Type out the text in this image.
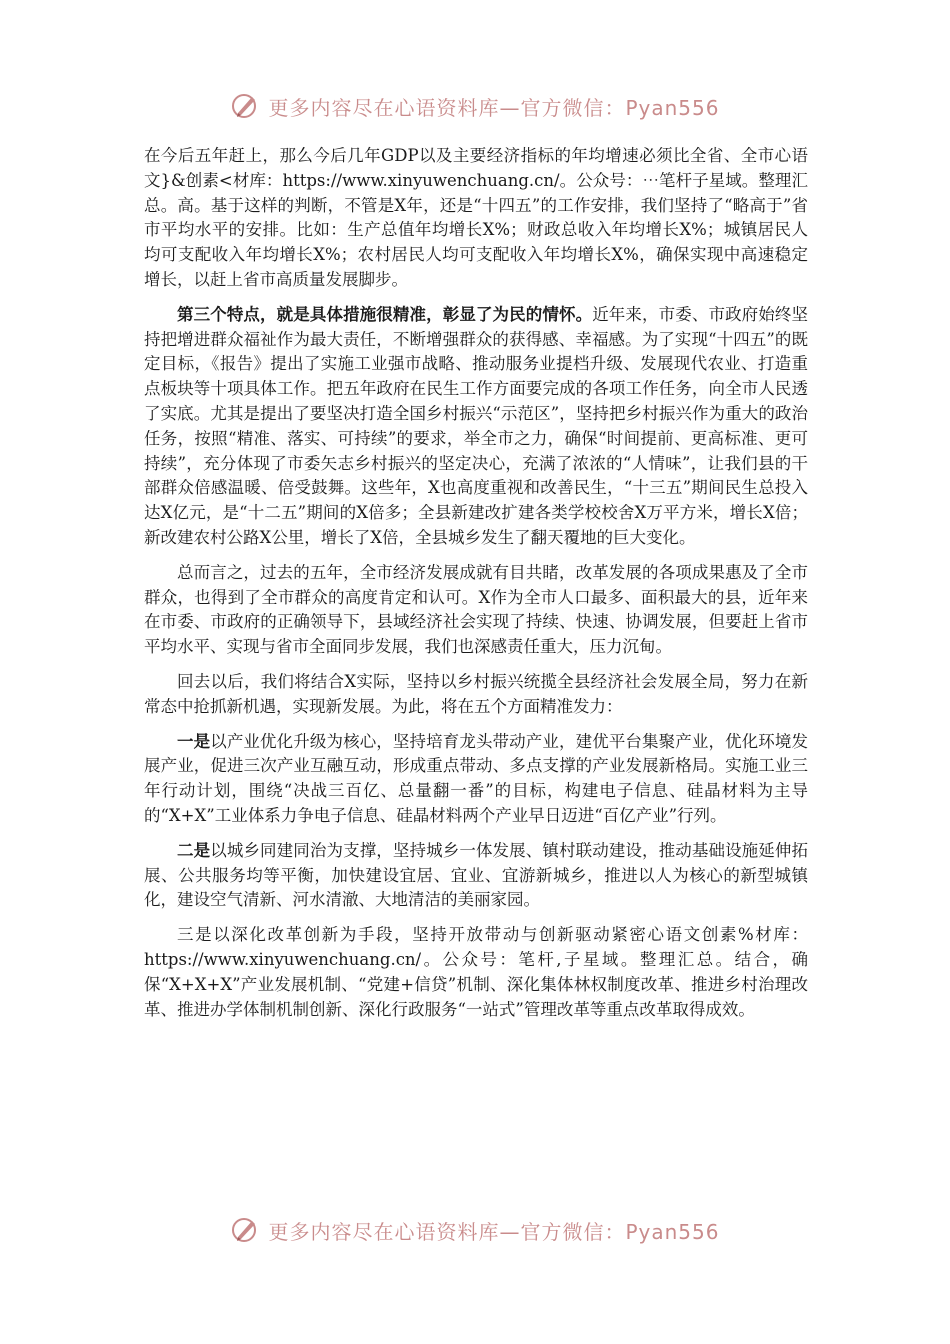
更多内容尽在心语资料库—官方微信：Pyan556

在今后五年赶上，那么今后几年GDP以及主要经济指标的年均增速必须比全省、全市心语文}&创素<材库：https://www.xinyuwenchuang.cn/。公众号：⋯笔杆子星域。整理汇总。高。基于这样的判断，不管是X年，还是“十四五”的工作安排，我们坚持了“略高于”省市平均水平的安排。比如：生产总值年均增长X%；财政总收入年均增长X%；城镇居民人均可支配收入年均增长X%；农村居民人均可支配收入年均增长X%，确保实现中高速稳定增长，以赶上省市高质量发展脚步。

第三个特点，就是具体措施很精准，彰显了为民的情怀。近年来，市委、市政府始终坚持把增进群众福祉作为最大责任，不断增强群众的获得感、幸福感。为了实现“十四五”的既定目标，《报告》提出了实施工业强市战略、推动服务业提档升级、发展现代农业、打造重点板块等十项具体工作。把五年政府在民生工作方面要完成的各项工作任务，向全市人民透了实底。尤其是提出了要坚决打造全国乡村振兴“示范区”，坚持把乡村振兴作为重大的政治任务，按照“精准、落实、可持续”的要求，举全市之力，确保“时间提前、更高标准、更可持续”，充分体现了市委矢志乡村振兴的坚定决心，充满了浓浓的“人情味”，让我们县的干部群众倍感温暖、倍受鼓舞。这些年，X也高度重视和改善民生，“十三五”期间民生总投入达X亿元，是“十二五”期间的X倍多；全县新建改扩建各类学校校舍X万平方米，增长X倍；新改建农村公路X公里，增长了X倍，全县城乡发生了翻天覆地的巨大变化。

总而言之，过去的五年，全市经济发展成就有目共睹，改革发展的各项成果惠及了全市群众，也得到了全市群众的高度肯定和认可。X作为全市人口最多、面积最大的县，近年来在市委、市政府的正确领导下，县域经济社会实现了持续、快速、协调发展，但要赶上省市平均水平、实现与省市全面同步发展，我们也深感责任重大，压力沉甸。

回去以后，我们将结合X实际，坚持以乡村振兴统揽全县经济社会发展全局，努力在新常态中抢抓新机遇，实现新发展。为此，将在五个方面精准发力：

一是以产业优化升级为核心，坚持培育龙头带动产业，建优平台集聚产业，优化环境发展产业，促进三次产业互融互动，形成重点带动、多点支撑的产业发展新格局。实施工业三年行动计划，围绕“决战三百亿、总量翻一番”的目标，构建电子信息、硅晶材料为主导的“X+X”工业体系力争电子信息、硅晶材料两个产业早日迈进“百亿产业”行列。

二是以城乡同建同治为支撑，坚持城乡一体发展、镇村联动建设，推动基础设施延伸拓展、公共服务均等平衡，加快建设宜居、宜业、宜游新城乡，推进以人为核心的新型城镇化，建设空气清新、河水清澈、大地清洁的美丽家园。

三是以深化改革创新为手段，坚持开放带动与创新驱动紧密心语文创素%材库：https://www.xinyuwenchuang.cn/。公众号：笔杆,子星域。整理汇总。结合，确保“X+X+X”产业发展机制、“党建+信贷”机制、深化集体林权制度改革、推进乡村治理改革、推进办学体制机制创新、深化行政服务“一站式”管理改革等重点改革取得成效。

更多内容尽在心语资料库—官方微信：Pyan556
